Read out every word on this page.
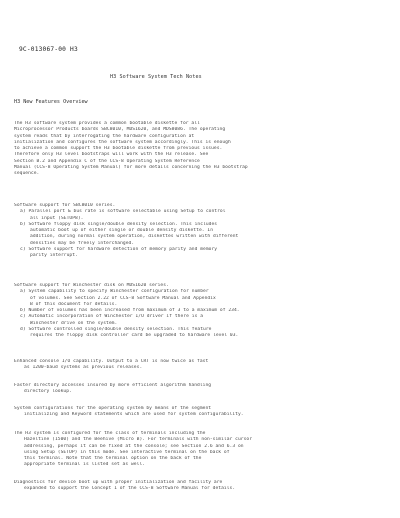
9C-013067-00 H3
H3 Software System Tech Notes
H3 New Features Overview
The H3 software system provides a common bootable diskette for all
Microprocessor Products boards SBC8010, MDS1620, and MDS8086. The operating
system reads that by interrogating the hardware configuration at
initialization and configures the software system accordingly. This is enough
to achieve a common support the H3 bootable diskette from previous issues.
Therefore only H3 level bootstraps will work with the H3 release. See
Section B.2 and Appendix C of the CCS-8 Operating System Reference
Manual (CCS-8 Operating System Manual) for more details concerning the H3 bootstrap
sequence.
Software support for SBC8010 series.
a) Parallel port & bus rate is software selectable using Setup to control
all input (SETUP8).
b) Software floppy disk single/double density selection. This includes
automatic boot up of either single or double density diskette. In
addition, during normal system operation, diskettes written with different
densities may be freely interchanged.
c) Software support for hardware detection of memory parity and memory
parity interrupt.
Software support for Winchester disk on MDS1620 series.
a) System capability to specify Winchester configuration for number
of volumes. See Section 2.22 of CCS-8 Software Manual and Appendix
B of this document for details.
b) Number of volumes has been increased from maximum of 3 to a maximum of 234.
c) Automatic incorporation of Winchester I/O driver if there is a
Winchester drive on the system.
d) Software controlled single/double density selection. This feature
requires the floppy disk controller card be upgraded to hardware level 03.
Enhanced console I/O capability. Output to a CRT is now twice as fast
as 1200-baud systems as previous releases.
Faster directory accesses insured by more efficient algorithm handling
directory lookup.
System configurations for the operating system by means of the segment
initializing and Keyword statements which are used for system configurability.
The H3 system is configured for the class of terminals including the
Hazeltine (1500) and the Beehive (Micro B). For terminals with non-similar cursor
addressing, perhaps it can be fixed at the console; see Section 2.6 and 6.3 on
using Setup (SETUP) in this mode. See interactive terminal on the back of
this terminal. Note that the terminal option on the back of the
appropriate terminal is listed set as well.
Diagnostics for device boot up with proper initialization and facility are
expanded to support the Concept 1 of the CCS-8 Software Manual for details.
